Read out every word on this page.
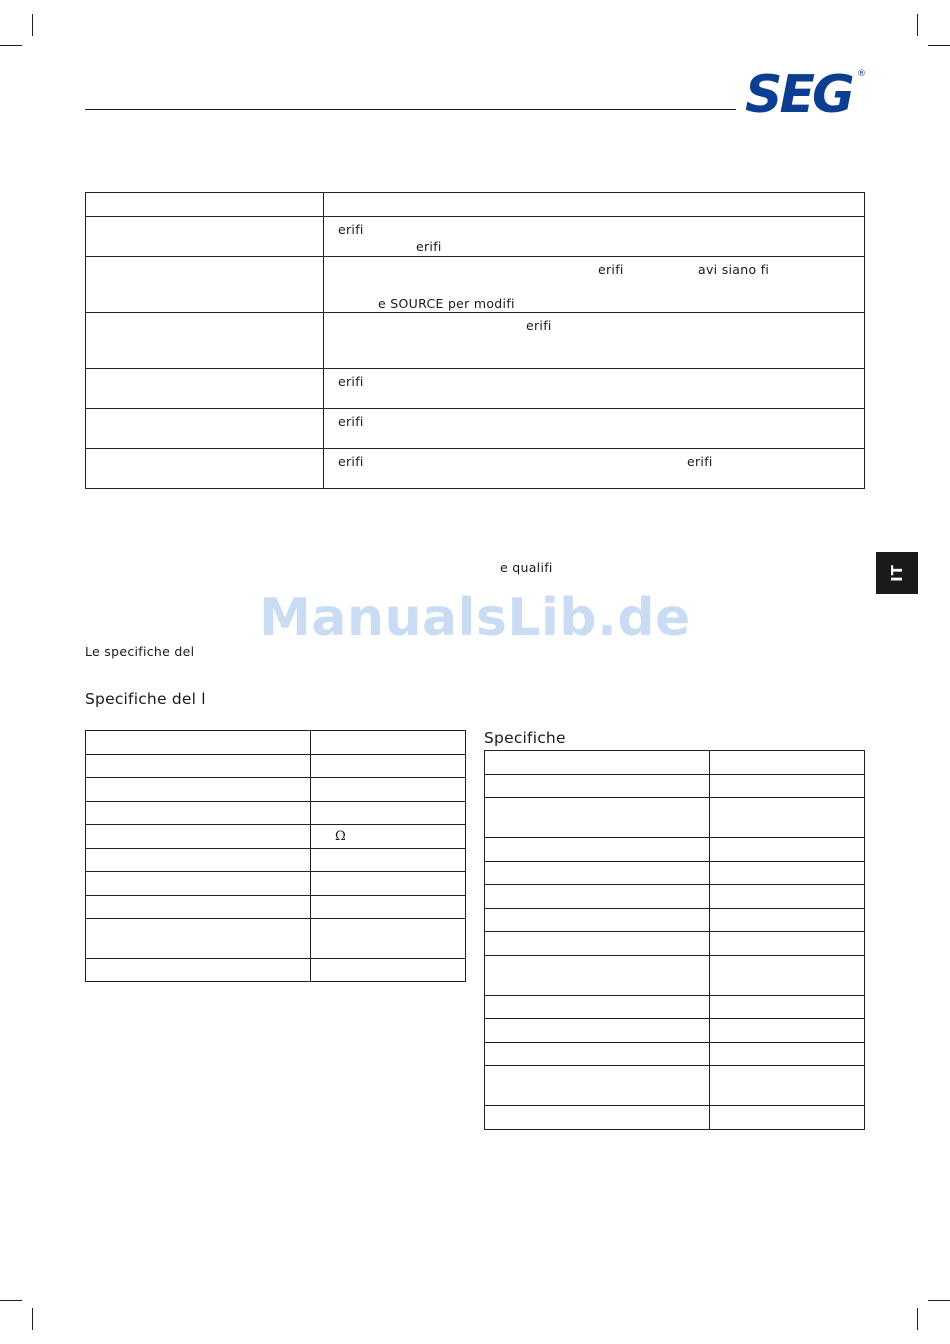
SEG ®

	erifi
erifi

	erifi avi siano fi
e SOURCE per modifi

	erifi

	erifi

	erifi

	erifi erifi
e qualifi
ManualsLib.de
Le specifiche del
Specifiche del l

	Ω

Specifiche

IT
